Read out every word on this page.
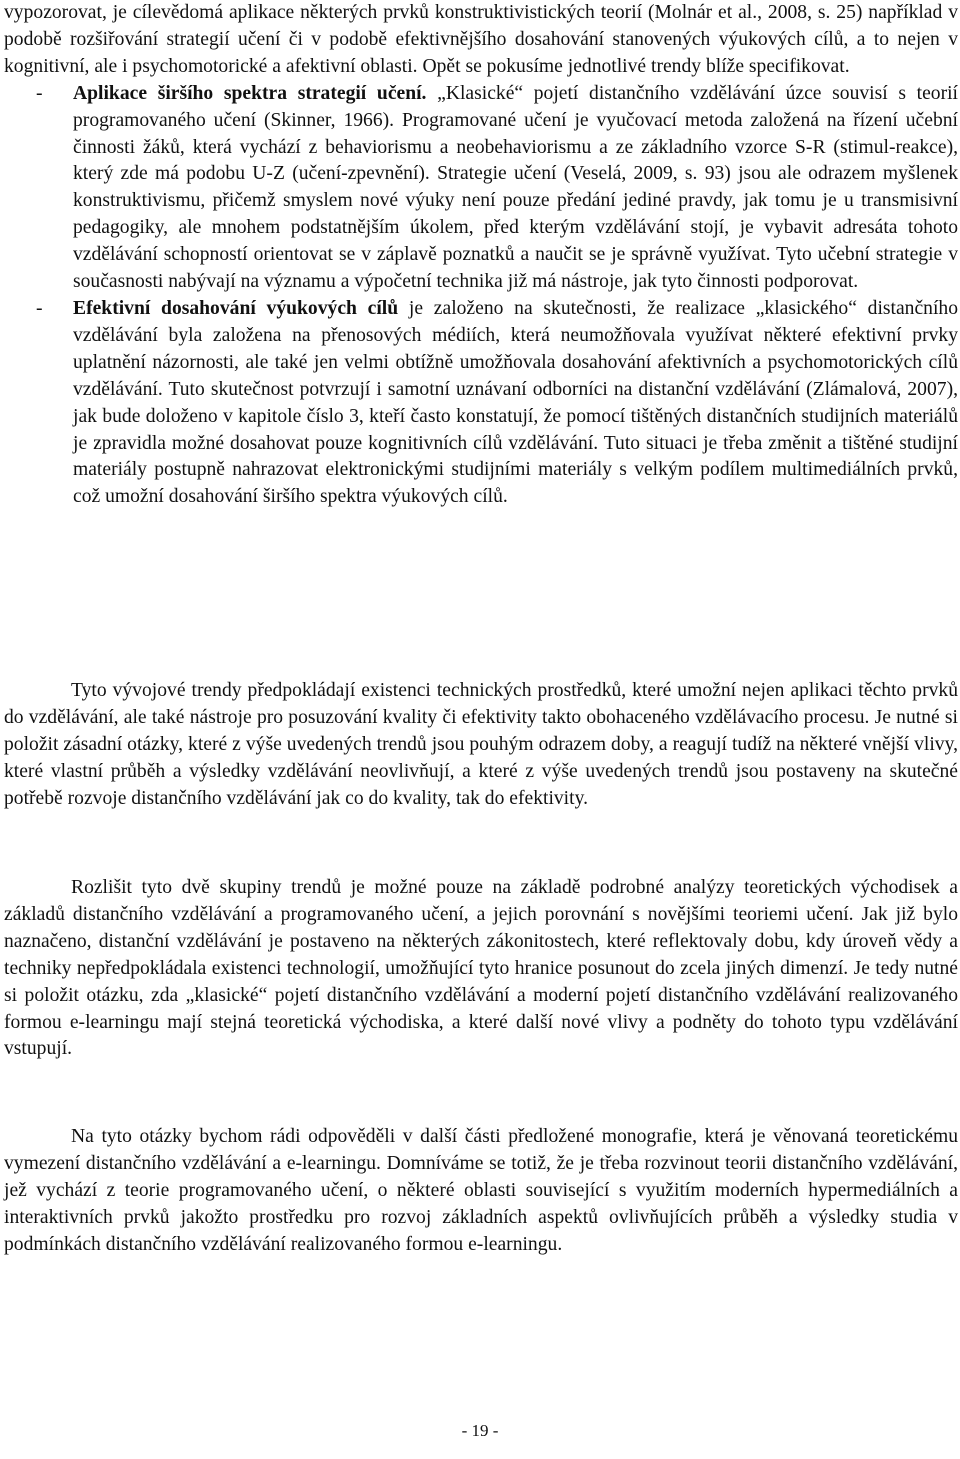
vypozorovat, je cílevědomá aplikace některých prvků konstruktivistických teorií (Molnár et al., 2008, s. 25) například v podobě rozšiřování strategií učení či v podobě efektivnějšího dosahování stanovených výukových cílů, a to nejen v kognitivní, ale i psychomotorické a afektivní oblasti. Opět se pokusíme jednotlivé trendy blíže specifikovat.

- Aplikace širšího spektra strategií učení. „Klasické“ pojetí distančního vzdělávání úzce souvisí s teorií programovaného učení (Skinner, 1966). Programované učení je vyučovací metoda založená na řízení učební činnosti žáků, která vychází z behaviorismu a neobehaviorismu a ze základního vzorce S-R (stimul-reakce), který zde má podobu U-Z (učení-zpevnění). Strategie učení (Veselá, 2009, s. 93) jsou ale odrazem myšlenek konstruktivismu, přičemž smyslem nové výuky není pouze předání jediné pravdy, jak tomu je u transmisivní pedagogiky, ale mnohem podstatnějším úkolem, před kterým vzdělávání stojí, je vybavit adresáta tohoto vzdělávání schopností orientovat se v záplavě poznatků a naučit se je správně využívat. Tyto učební strategie v současnosti nabývají na významu a výpočetní technika již má nástroje, jak tyto činnosti podporovat.
- Efektivní dosahování výukových cílů je založeno na skutečnosti, že realizace „klasického“ distančního vzdělávání byla založena na přenosových médiích, která neumožňovala využívat některé efektivní prvky uplatnění názornosti, ale také jen velmi obtížně umožňovala dosahování afektivních a psychomotorických cílů vzdělávání. Tuto skutečnost potvrzují i samotní uznávaní odborníci na distanční vzdělávání (Zlámalová, 2007), jak bude doloženo v kapitole číslo 3, kteří často konstatují, že pomocí tištěných distančních studijních materiálů je zpravidla možné dosahovat pouze kognitivních cílů vzdělávání. Tuto situaci je třeba změnit a tištěné studijní materiály postupně nahrazovat elektronickými studijními materiály s velkým podílem multimediálních prvků, což umožní dosahování širšího spektra výukových cílů.

Tyto vývojové trendy předpokládají existenci technických prostředků, které umožní nejen aplikaci těchto prvků do vzdělávání, ale také nástroje pro posuzování kvality či efektivity takto obohaceného vzdělávacího procesu. Je nutné si položit zásadní otázky, které z výše uvedených trendů jsou pouhým odrazem doby, a reagují tudíž na některé vnější vlivy, které vlastní průběh a výsledky vzdělávání neovlivňují, a které z výše uvedených trendů jsou postaveny na skutečné potřebě rozvoje distančního vzdělávání jak co do kvality, tak do efektivity.

Rozlišit tyto dvě skupiny trendů je možné pouze na základě podrobné analýzy teoretických východisek a základů distančního vzdělávání a programovaného učení, a jejich porovnání s novějšími teoriemi učení. Jak již bylo naznačeno, distanční vzdělávání je postaveno na některých zákonitostech, které reflektovaly dobu, kdy úroveň vědy a techniky nepředpokládala existenci technologií, umožňující tyto hranice posunout do zcela jiných dimenzí. Je tedy nutné si položit otázku, zda „klasické“ pojetí distančního vzdělávání a moderní pojetí distančního vzdělávání realizovaného formou e-learningu mají stejná teoretická východiska, a které další nové vlivy a podněty do tohoto typu vzdělávání vstupují.

Na tyto otázky bychom rádi odpověděli v další části předložené monografie, která je věnovaná teoretickému vymezení distančního vzdělávání a e-learningu. Domníváme se totiž, že je třeba rozvinout teorii distančního vzdělávání, jež vychází z teorie programovaného učení, o některé oblasti související s využitím moderních hypermediálních a interaktivních prvků jakožto prostředku pro rozvoj základních aspektů ovlivňujících průběh a výsledky studia v podmínkách distančního vzdělávání realizovaného formou e-learningu.

- 19 -
